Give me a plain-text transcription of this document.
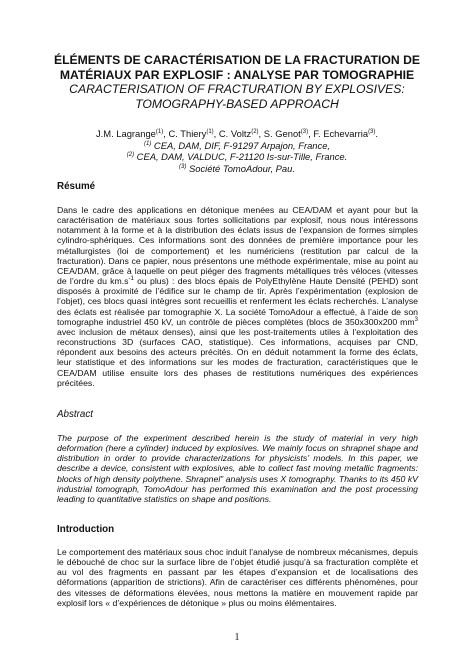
ÉLÉMENTS DE CARACTÉRISATION DE LA FRACTURATION DE MATÉRIAUX PAR EXPLOSIF : ANALYSE PAR TOMOGRAPHIE
CARACTERISATION OF FRACTURATION BY EXPLOSIVES: TOMOGRAPHY-BASED APPROACH
J.M. Lagrange$^{(1)}$, C. Thiery$^{(1)}$, C. Voltz$^{(2)}$, S. Genot$^{(3)}$, F. Echevarria$^{(3)}$.
$^{(1)}$ CEA, DAM, DIF, F-91297 Arpajon, France,
$^{(2)}$ CEA, DAM, VALDUC, F-21120 Is-sur-Tille, France.
$^{(3)}$ Société TomoAdour, Pau.
Résumé
Dans le cadre des applications en détonique menées au CEA/DAM et ayant pour but la caractérisation de matériaux sous fortes sollicitations par explosif, nous nous intéressons notamment à la forme et à la distribution des éclats issus de l’expansion de formes simples cylindro-sphériques. Ces informations sont des données de première importance pour les métallurgistes (loi de comportement) et les numériciens (restitution par calcul de la fracturation). Dans ce papier, nous présentons une méthode expérimentale, mise au point au CEA/DAM, grâce à laquelle on peut piéger des fragments métalliques très véloces (vitesses de l’ordre du $km.s^{-1}$ ou plus) : des blocs épais de PolyEthylène Haute Densité (PEHD) sont disposés à proximité de l’édifice sur le champ de tir. Après l’expérimentation (explosion de l’objet), ces blocs quasi intègres sont recueillis et renferment les éclats recherchés. L’analyse des éclats est réalisée par tomographie X. La société TomoAdour a effectué, à l’aide de son tomographe industriel 450 kV, un contrôle de pièces complètes (blocs de 350x300x200 $mm^3$ avec inclusion de métaux denses), ainsi que les post-traitements utiles à l’exploitation des reconstructions 3D (surfaces CAO, statistique). Ces informations, acquises par CND, répondent aux besoins des acteurs précités. On en déduit notamment la forme des éclats, leur statistique et des informations sur les modes de fracturation, caractéristiques que le CEA/DAM utilise ensuite lors des phases de restitutions numériques des expériences précitées.
Abstract
The purpose of the experiment described herein is the study of material in very high deformation (here a cylinder) induced by explosives. We mainly focus on shrapnel shape and distribution in order to provide characterizations for physicists’ models. In this paper, we describe a device, consistent with explosives, able to collect fast moving metallic fragments: blocks of high density polythene. Shrapnel” analysis uses X tomography. Thanks to its 450 kV industrial tomograph, TomoAdour has performed this examination and the post processing leading to quantitative statistics on shape and positions.
Introduction
Le comportement des matériaux sous choc induit l’analyse de nombreux mécanismes, depuis le débouché de choc sur la surface libre de l’objet étudié jusqu’à sa fracturation complète et au vol des fragments en passant par les étapes d’expansion et de localisations des déformations (apparition de strictions). Afin de caractériser ces différents phénomènes, pour des vitesses de déformations élevées, nous mettons la matière en mouvement rapide par explosif lors « d’expériences de détonique » plus ou moins élémentaires.
1
